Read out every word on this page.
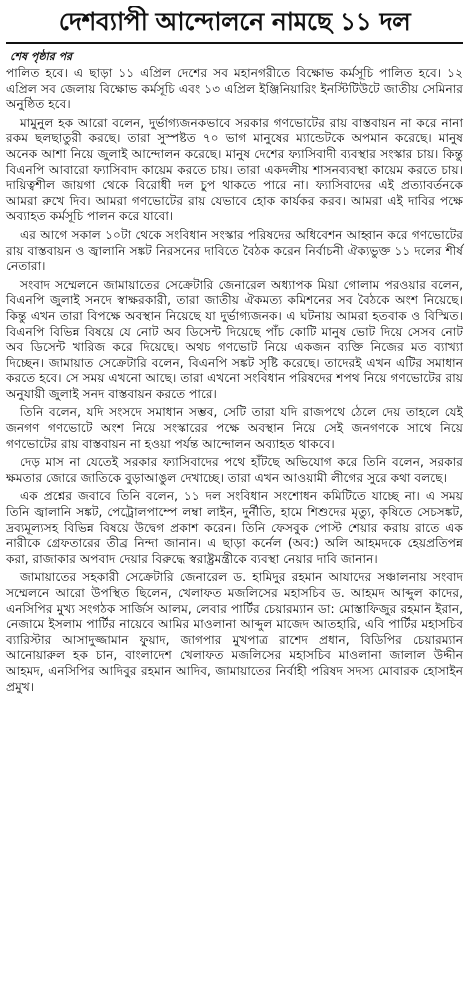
দেশব্যাপী আন্দোলনে নামছে ১১ দল
শেষ পৃষ্ঠার পর

পালিত হবে। এ ছাড়া ১১ এপ্রিল দেশের সব মহানগরীতে বিক্ষোভ কর্মসূচি পালিত হবে। ১২ এপ্রিল সব জেলায় বিক্ষোভ কর্মসূচি এবং ১৩ এপ্রিল ইঞ্জিনিয়ারিং ইনস্টিটিউটে জাতীয় সেমিনার অনুষ্ঠিত হবে।

মামুনুল হক আরো বলেন, দুর্ভাগ্যজনকভাবে সরকার গণভোটের রায় বাস্তবায়ন না করে নানা রকম ছলছাতুরী করছে। তারা সুস্পষ্টত ৭০ ভাগ মানুষের ম্যান্ডেটকে অপমান করেছে। মানুষ অনেক আশা নিয়ে জুলাই আন্দোলন করেছে। মানুষ দেশের ফ্যাসিবাদী ব্যবস্থার সংস্কার চায়। কিন্তু বিএনপি আবারো ফ্যাসিবাদ কায়েম করতে চায়। তারা একদলীয় শাসনব্যবস্থা কায়েম করতে চায়। দায়িত্বশীল জায়গা থেকে বিরোধী দল চুপ থাকতে পারে না। ফ্যাসিবাদের এই প্রত্যাবর্তনকে আমরা রুখে দিব। আমরা গণভোটের রায় যেভাবে হোক কার্যকর করব। আমরা এই দাবির পক্ষে অব্যাহত কর্মসূচি পালন করে যাবো।

এর আগে সকাল ১০টা থেকে সংবিধান সংস্কার পরিষদের অধিবেশন আহ্বান করে গণভোটের রায় বাস্তবায়ন ও জ্বালানি সঙ্কট নিরসনের দাবিতে বৈঠক করেন নির্বাচনী ঐক্যভুক্ত ১১ দলের শীর্ষ নেতারা।

সংবাদ সম্মেলনে জামায়াতের সেক্রেটারি জেনারেল অধ্যাপক মিয়া গোলাম পরওয়ার বলেন, বিএনপি জুলাই সনদে স্বাক্ষরকারী, তারা জাতীয় ঐকমত্য কমিশনের সব বৈঠকে অংশ নিয়েছে। কিন্তু এখন তারা বিপক্ষে অবস্থান নিয়েছে যা দুর্ভাগ্যজনক। এ ঘটনায় আমরা হতবাক ও বিস্মিত। বিএনপি বিভিন্ন বিষয়ে যে নোট অব ডিসেন্ট দিয়েছে পাঁচ কোটি মানুষ ভোট দিয়ে সেসব নোট অব ডিসেন্ট খারিজ করে দিয়েছে। অথচ গণভোট নিয়ে একজন ব্যক্তি নিজের মত ব্যাখ্যা দিচ্ছেন। জামায়াত সেক্রেটারি বলেন, বিএনপি সঙ্কট সৃষ্টি করেছে। তাদেরই এখন এটির সমাধান করতে হবে। সে সময় এখনো আছে। তারা এখনো সংবিধান পরিষদের শপথ নিয়ে গণভোটের রায় অনুযায়ী জুলাই সনদ বাস্তবায়ন করতে পারে।

তিনি বলেন, যদি সংসদে সমাধান সম্ভব, সেটি তারা যদি রাজপথে ঠেলে দেয় তাহলে যেই জনগণ গণভোটে অংশ নিয়ে সংস্কারের পক্ষে অবস্থান নিয়ে সেই জনগণকে সাথে নিয়ে গণভোটের রায় বাস্তবায়ন না হওয়া পর্যন্ত আন্দোলন অব্যাহত থাকবে।

দেড় মাস না যেতেই সরকার ফ্যাসিবাদের পথে হাঁটছে অভিযোগ করে তিনি বলেন, সরকার ক্ষমতার জোরে জাতিকে বুড়াআঙুল দেখাচ্ছে। তারা এখন আওয়ামী লীগের সুরে কথা বলছে।

এক প্রশ্নের জবাবে তিনি বলেন, ১১ দল সংবিধান সংশোধন কমিটিতে যাচ্ছে না। এ সময় তিনি জ্বালানি সঙ্কট, পেট্রোলপাম্পে লম্বা লাইন, দুর্নীতি, হামে শিশুদের মৃত্যু, কৃষিতে সেচসঙ্কট, দ্রব্যমূল্যসহ বিভিন্ন বিষয়ে উদ্বেগ প্রকাশ করেন। তিনি ফেসবুক পোস্ট শেয়ার করায় রাতে এক নারীকে গ্রেফতারের তীব্র নিন্দা জানান। এ ছাড়া কর্নেল (অব:) অলি আহমদকে হেয়প্রতিপন্ন করা, রাজাকার অপবাদ দেয়ার বিরুদ্ধে স্বরাষ্ট্রমন্ত্রীকে ব্যবস্থা নেয়ার দাবি জানান।

জামায়াতের সহকারী সেক্রেটারি জেনারেল ড. হামিদুর রহমান আযাদের সঞ্চালনায় সংবাদ সম্মেলনে আরো উপস্থিত ছিলেন, খেলাফত মজলিসের মহাসচিব ড. আহমদ আব্দুল কাদের, এনসিপির মুখ্য সংগঠক সার্জিস আলম, লেবার পার্টির চেয়ারম্যান ডা: মোস্তাফিজুর রহমান ইরান, নেজামে ইসলাম পার্টির নায়েবে আমির মাওলানা আব্দুল মাজেদ আতহারি, এবি পার্টির মহাসচিব ব্যারিস্টার আসাদুজ্জামান ফুয়াদ, জাগপার মুখপাত্র রাশেদ প্রধান, বিডিপির চেয়ারম্যান আনোয়ারুল হক চান, বাংলাদেশ খেলাফত মজলিসের মহাসচিব মাওলানা জালাল উদ্দীন আহমদ, এনসিপির আদিবুর রহমান আদিব, জামায়াতের নির্বাহী পরিষদ সদস্য মোবারক হোসাইন প্রমুখ।
